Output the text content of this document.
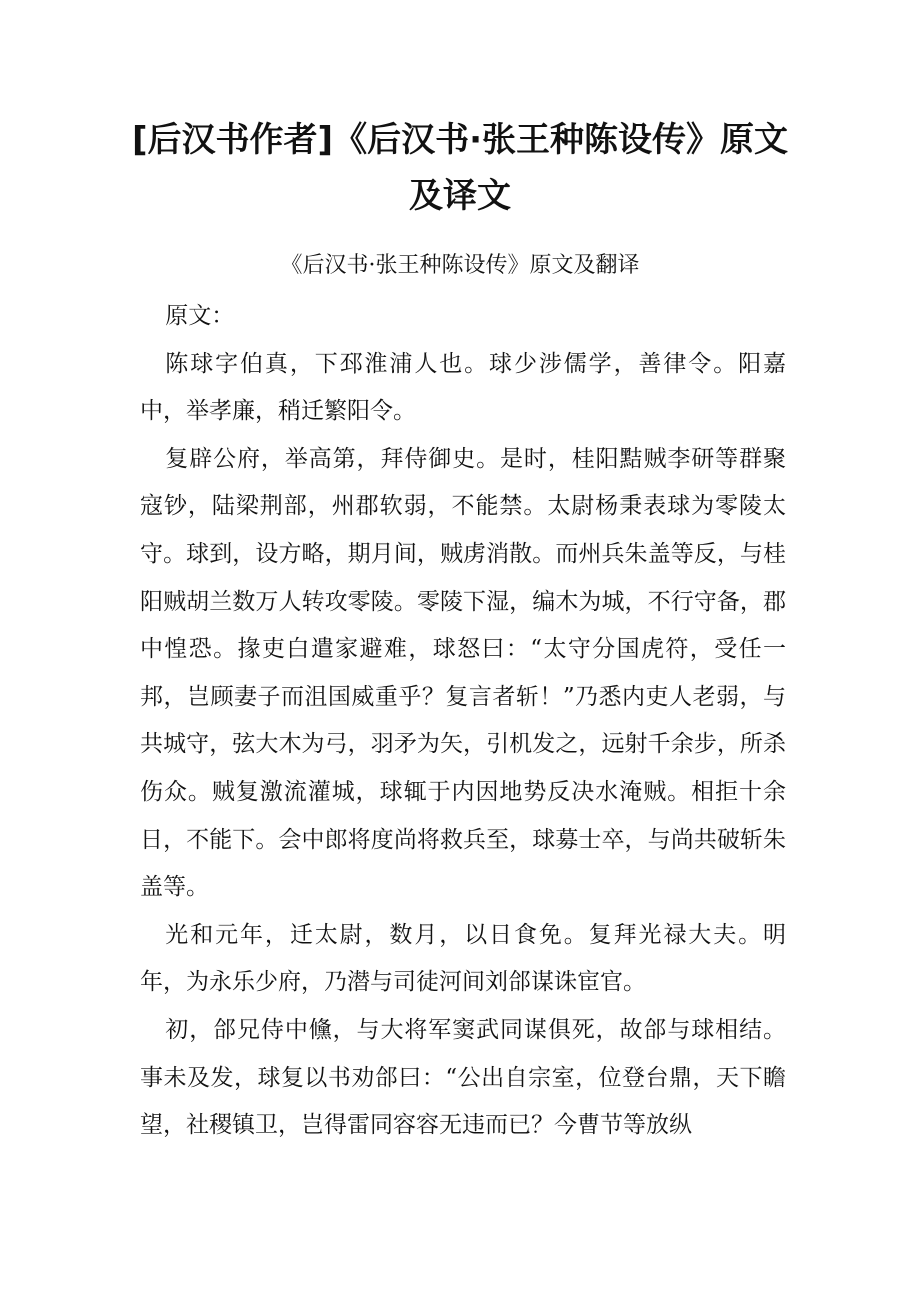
[后汉书作者]《后汉书·张王种陈设传》原文及译文
《后汉书·张王种陈设传》原文及翻译

原文：

陈球字伯真，下邳淮浦人也。球少涉儒学，善律令。阳嘉中，举孝廉，稍迁繁阳令。

复辟公府，举高第，拜侍御史。是时，桂阳黠贼李研等群聚寇钞，陆梁荆部，州郡软弱，不能禁。太尉杨秉表球为零陵太守。球到，设方略，期月间，贼虏消散。而州兵朱盖等反，与桂阳贼胡兰数万人转攻零陵。零陵下湿，编木为城，不行守备，郡中惶恐。掾吏白遣家避难，球怒曰：“太守分国虎符，受任一邦，岂顾妻子而沮国威重乎？复言者斩！”乃悉内吏人老弱，与共城守，弦大木为弓，羽矛为矢，引机发之，远射千余步，所杀伤众。贼复激流灌城，球辄于内因地势反决水淹贼。相拒十余日，不能下。会中郎将度尚将救兵至，球募士卒，与尚共破斩朱盖等。

光和元年，迁太尉，数月，以日食免。复拜光禄大夫。明年，为永乐少府，乃潜与司徒河间刘郃谋诛宦官。

初，郃兄侍中儵，与大将军窦武同谋俱死，故郃与球相结。事未及发，球复以书劝郃曰：“公出自宗室，位登台鼎，天下瞻望，社稷镇卫，岂得雷同容容无违而已？今曹节等放纵
